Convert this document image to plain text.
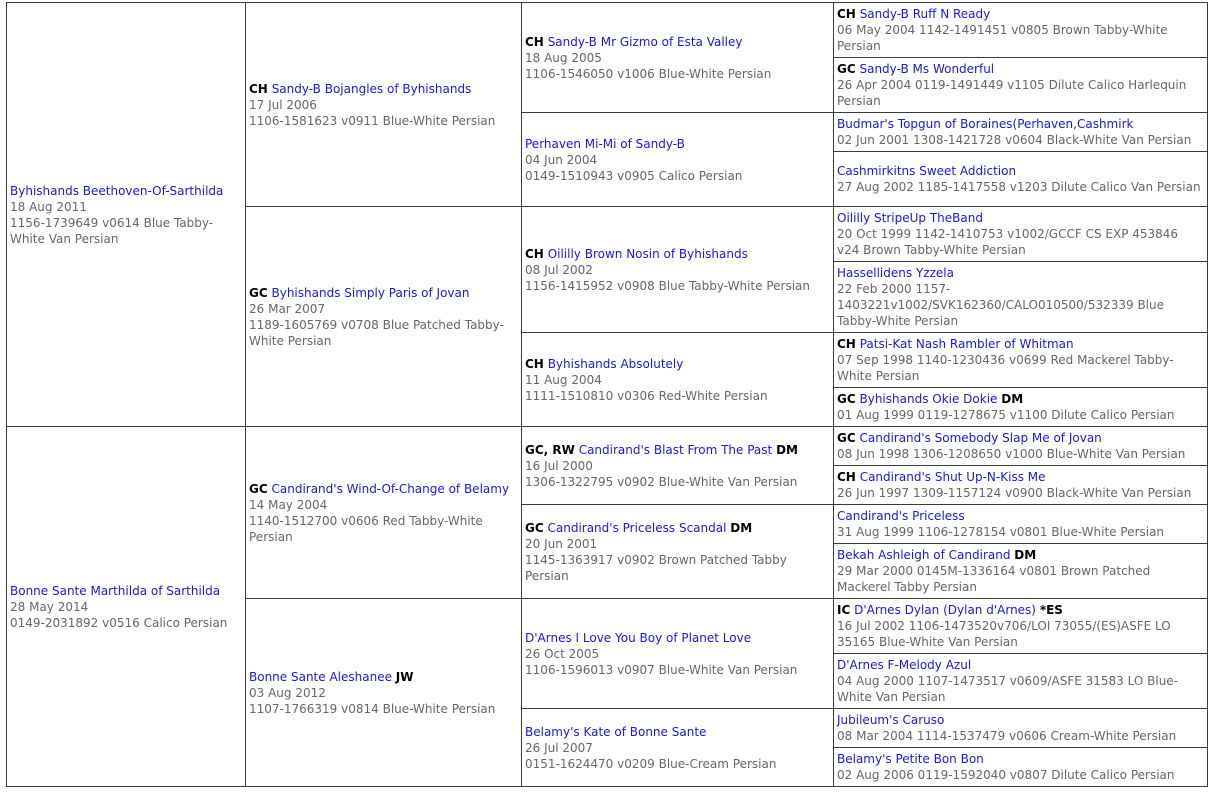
Byhishands Beethoven-Of-Sarthilda
18 Aug 2011
1156-1739649 v0614 Blue Tabby-White Van Persian	CH Sandy-B Bojangles of Byhishands
17 Jul 2006
1106-1581623 v0911 Blue-White Persian	CH Sandy-B Mr Gizmo of Esta Valley
18 Aug 2005
1106-1546050 v1006 Blue-White Persian	CH Sandy-B Ruff N Ready
06 May 2004 1142-1491451 v0805 Brown Tabby-White Persian
			GC Sandy-B Ms Wonderful
26 Apr 2004 0119-1491449 v1105 Dilute Calico Harlequin Persian
		Perhaven Mi-Mi of Sandy-B
04 Jun 2004
0149-1510943 v0905 Calico Persian	Budmar's Topgun of Boraines(Perhaven,Cashmirk
02 Jun 2001 1308-1421728 v0604 Black-White Van Persian
			Cashmirkitns Sweet Addiction
27 Aug 2002 1185-1417558 v1203 Dilute Calico Van Persian
	GC Byhishands Simply Paris of Jovan
26 Mar 2007
1189-1605769 v0708 Blue Patched Tabby-White Persian	CH Oililly Brown Nosin of Byhishands
08 Jul 2002
1156-1415952 v0908 Blue Tabby-White Persian	Oililly StripeUp TheBand
20 Oct 1999 1142-1410753 v1002/GCCF CS EXP 453846 v24 Brown Tabby-White Persian
			Hassellidens Yzzela
22 Feb 2000 1157-1403221v1002/SVK162360/CALO010500/532339 Blue Tabby-White Persian
		CH Byhishands Absolutely
11 Aug 2004
1111-1510810 v0306 Red-White Persian	CH Patsi-Kat Nash Rambler of Whitman
07 Sep 1998 1140-1230436 v0699 Red Mackerel Tabby-White Persian
			GC Byhishands Okie Dokie DM
01 Aug 1999 0119-1278675 v1100 Dilute Calico Persian
Bonne Sante Marthilda of Sarthilda
28 May 2014
0149-2031892 v0516 Calico Persian	GC Candirand's Wind-Of-Change of Belamy
14 May 2004
1140-1512700 v0606 Red Tabby-White Persian	GC, RW Candirand's Blast From The Past DM
16 Jul 2000
1306-1322795 v0902 Blue-White Van Persian	GC Candirand's Somebody Slap Me of Jovan
08 Jun 1998 1306-1208650 v1000 Blue-White Van Persian
			CH Candirand's Shut Up-N-Kiss Me
26 Jun 1997 1309-1157124 v0900 Black-White Van Persian
		GC Candirand's Priceless Scandal DM
20 Jun 2001
1145-1363917 v0902 Brown Patched Tabby Persian	Candirand's Priceless
31 Aug 1999 1106-1278154 v0801 Blue-White Persian
			Bekah Ashleigh of Candirand DM
29 Mar 2000 0145M-1336164 v0801 Brown Patched Mackerel Tabby Persian
	Bonne Sante Aleshanee JW
03 Aug 2012
1107-1766319 v0814 Blue-White Persian	D'Arnes I Love You Boy of Planet Love
26 Oct 2005
1106-1596013 v0907 Blue-White Van Persian	IC D'Arnes Dylan (Dylan d'Arnes) *ES
16 Jul 2002 1106-1473520v706/LOI 73055/(ES)ASFE LO 35165 Blue-White Van Persian
			D'Arnes F-Melody Azul
04 Aug 2000 1107-1473517 v0609/ASFE 31583 LO Blue-White Van Persian
		Belamy's Kate of Bonne Sante
26 Jul 2007
0151-1624470 v0209 Blue-Cream Persian	Jubileum's Caruso
08 Mar 2004 1114-1537479 v0606 Cream-White Persian
			Belamy's Petite Bon Bon
02 Aug 2006 0119-1592040 v0807 Dilute Calico Persian
